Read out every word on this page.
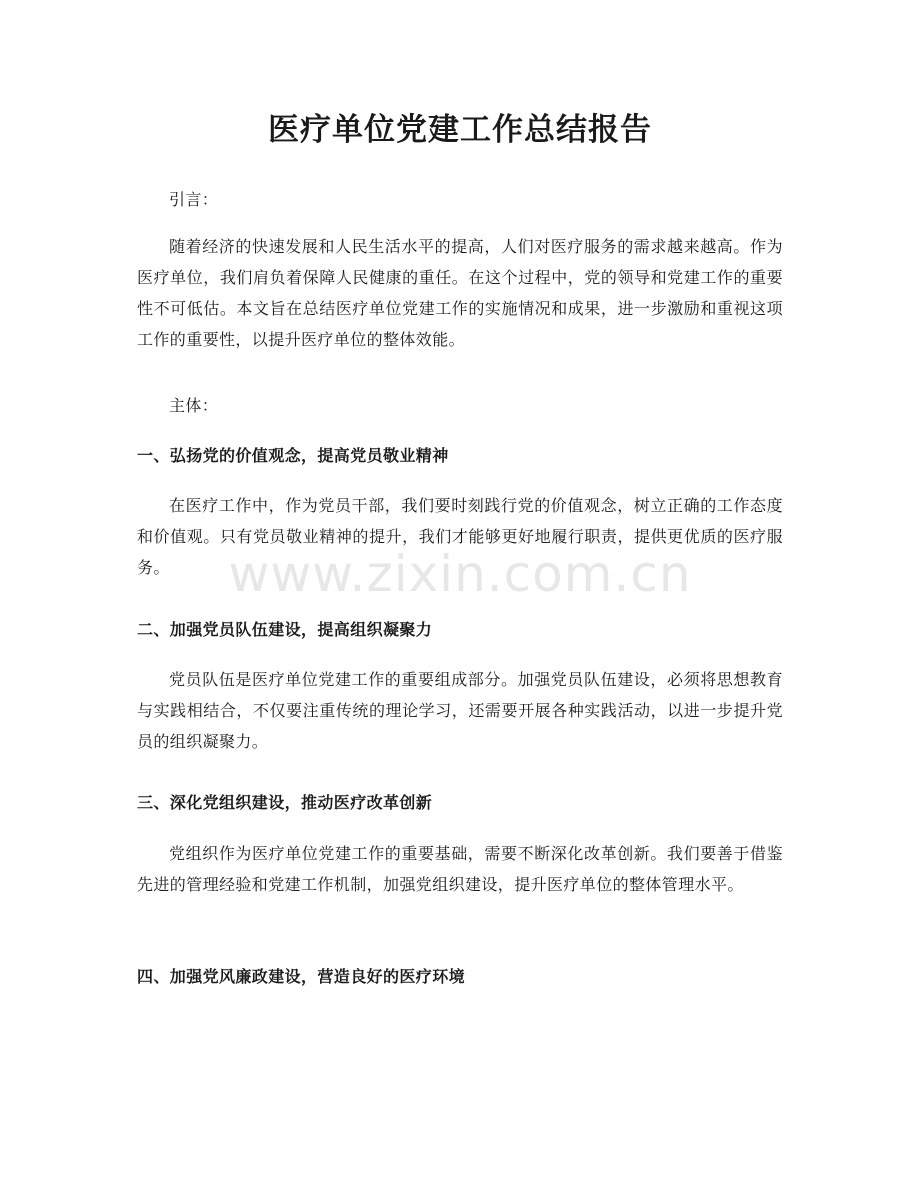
医疗单位党建工作总结报告

引言：

随着经济的快速发展和人民生活水平的提高，人们对医疗服务的需求越来越高。作为医疗单位，我们肩负着保障人民健康的重任。在这个过程中，党的领导和党建工作的重要性不可低估。本文旨在总结医疗单位党建工作的实施情况和成果，进一步激励和重视这项工作的重要性，以提升医疗单位的整体效能。

主体：

一、弘扬党的价值观念，提高党员敬业精神

在医疗工作中，作为党员干部，我们要时刻践行党的价值观念，树立正确的工作态度和价值观。只有党员敬业精神的提升，我们才能够更好地履行职责，提供更优质的医疗服务。

二、加强党员队伍建设，提高组织凝聚力

党员队伍是医疗单位党建工作的重要组成部分。加强党员队伍建设，必须将思想教育与实践相结合，不仅要注重传统的理论学习，还需要开展各种实践活动，以进一步提升党员的组织凝聚力。

三、深化党组织建设，推动医疗改革创新

党组织作为医疗单位党建工作的重要基础，需要不断深化改革创新。我们要善于借鉴先进的管理经验和党建工作机制，加强党组织建设，提升医疗单位的整体管理水平。

四、加强党风廉政建设，营造良好的医疗环境
www.zixin.com.cn
